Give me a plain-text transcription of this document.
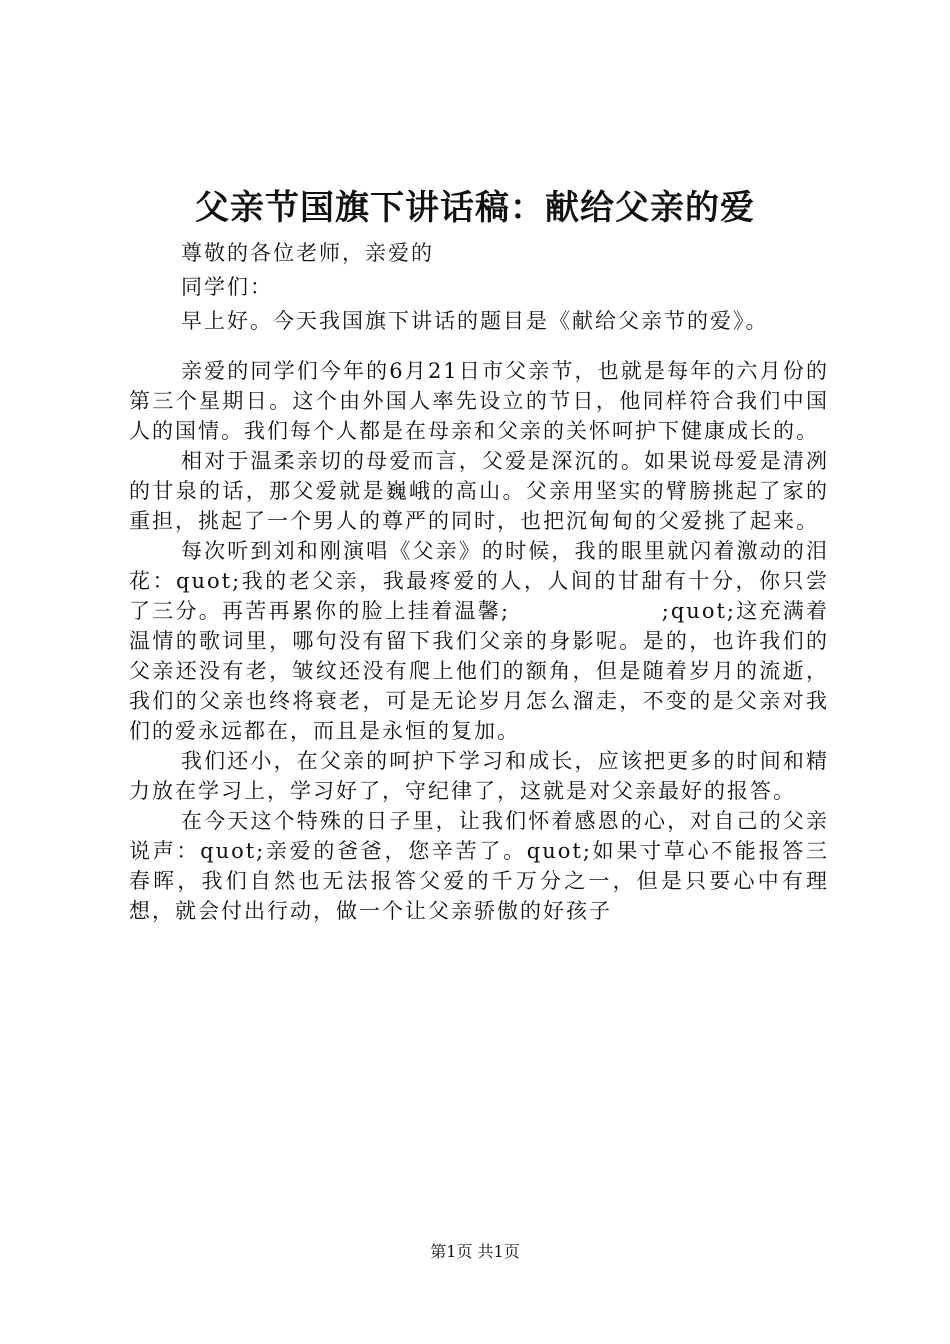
父亲节国旗下讲话稿：献给父亲的爱
尊敬的各位老师，亲爱的
同学们：
早上好。今天我国旗下讲话的题目是《献给父亲节的爱》。

亲爱的同学们今年的6月21日市父亲节，也就是每年的六月份的第三个星期日。这个由外国人率先设立的节日，他同样符合我们中国人的国情。我们每个人都是在母亲和父亲的关怀呵护下健康成长的。

相对于温柔亲切的母爱而言，父爱是深沉的。如果说母爱是清冽的甘泉的话，那父爱就是巍峨的高山。父亲用坚实的臂膀挑起了家的重担，挑起了一个男人的尊严的同时，也把沉甸甸的父爱挑了起来。

每次听到刘和刚演唱《父亲》的时候，我的眼里就闪着激动的泪花：quot;我的老父亲，我最疼爱的人，人间的甘甜有十分，你只尝了三分。再苦再累你的脸上挂着温馨;                 ;quot;这充满着温情的歌词里，哪句没有留下我们父亲的身影呢。是的，也许我们的父亲还没有老，皱纹还没有爬上他们的额角，但是随着岁月的流逝，我们的父亲也终将衰老，可是无论岁月怎么溜走，不变的是父亲对我们的爱永远都在，而且是永恒的复加。

我们还小，在父亲的呵护下学习和成长，应该把更多的时间和精力放在学习上，学习好了，守纪律了，这就是对父亲最好的报答。

在今天这个特殊的日子里，让我们怀着感恩的心，对自己的父亲说声：quot;亲爱的爸爸，您辛苦了。quot;如果寸草心不能报答三春晖，我们自然也无法报答父爱的千万分之一，但是只要心中有理想，就会付出行动，做一个让父亲骄傲的好孩子

第1页 共1页
